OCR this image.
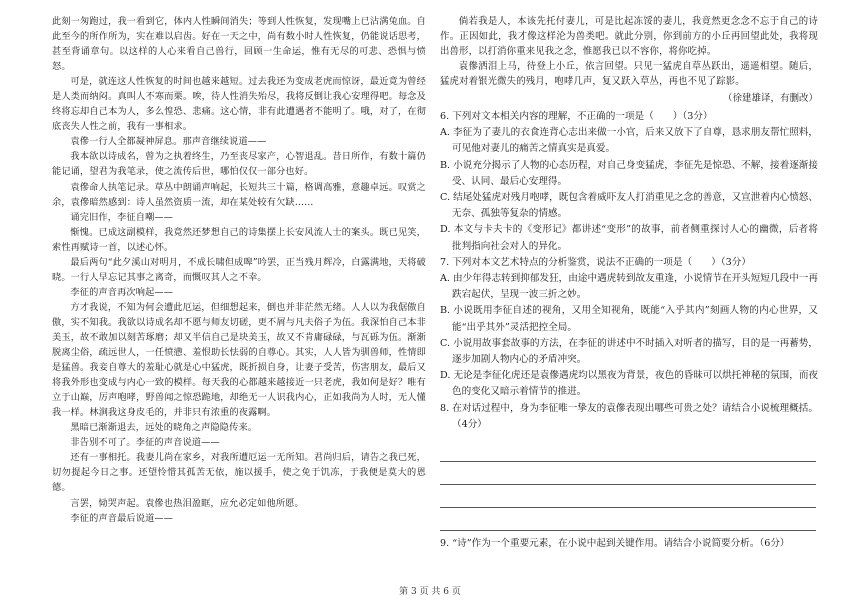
此刻一匆跑过，我一看到它，体内人性瞬间消失；等到人性恢复，发现嘴上已沾满兔血。自此至今的所作所为，实在难以启齿。好在一天之中，尚有数小时人性恢复，仍能说话思考，甚至背诵章句。以这样的人心来看自己兽行，回顾一生命运，惟有无尽的可悲、恐惧与愤怒。

可是，就连这人性恢复的时间也越来越短。过去我还为变成老虎而惊讶，最近竟为曾经是人类而纳闷。真叫人不寒而栗。唉，待人性消失殆尽，我将反倒让我心安理得吧。每念及终将忘却自己本为人，多么惶恐、悲痛。这心情，非有此遭遇者不能明了。哦，对了，在彻底丧失人性之前，我有一事相求。

袁傪一行人全都凝神屏息。那声音继续说道——

我本欲以诗成名，曾为之执着终生，乃至丧尽家产，心智退乱。昔日所作，有数十篇仍能记诵，望君为我笔录，使之流传后世，哪怕仅仅一部分也好。

袁傪命人执笔记录。草丛中朗诵声响起，长短共三十篇，格调高雅，意趣卓远。叹赏之余，袁傪暗然感到：诗人虽然资质一流，却在某处较有欠缺……

诵完旧作，李征自嘲——

惭愧。已成这副模样，我竟然还梦想自己的诗集摆上长安风流人士的案头。既已见笑，索性再赋诗一首，以述心怀。

最后两句“此夕溪山对明月，不成长啸但成嗥”吟罢，正当残月辉冷，白露满地，天将破晓。一行人早忘记其事之离奇，而慨叹其人之不幸。

李征的声音再次响起——

方才我说，不知为何会遭此厄运，但细想起来，倒也并非茫然无绪。人人以为我倨傲自傲，实不知我。我欲以诗成名却不愿与师友切磋，更不屑与凡夫俗子为伍。我深怕自己本非美玉，故不敢加以刻苦琢磨；却又半信自己是块美玉，故又不肯庸碌碌，与瓦砾为伍。渐渐脱离尘俗，疏远世人，一任愤懑、羞恨助长怯弱的自尊心。其实，人人皆为驯兽师，性情即是猛兽。我妾自尊大的羞耻心就是心中猛虎，既折损自身，让妻子受苦，伤害朋友，最后又将我外形也变成与内心一致的模样。每天我的心都越来越接近一只老虎，我如何是好？唯有立于山巅，厉声咆哮，野兽闻之惊恐跪地，却绝无一人识我内心，正如我尚为人时，无人懂我一样。林涧我这身皮毛的，并非只有浓重的夜露啊。

黑暗已渐渐退去，远处的晓角之声隐隐传来。

非告别不可了。李征的声音说道——

还有一事相托。我妻儿尚在家乡，对我所遭厄运一无所知。君尚归后，请告之我已死，切勿提起今日之事。还望怜惜其孤苦无依，施以援手，使之免于饥冻，于我便是莫大的恩德。

言罢，恸哭声起。袁傪也热泪盈眶，应允必定如他所愿。

李征的声音最后说道——

倘若我是人，本该先托付妻儿，可是比起冻馁的妻儿，我竟然更念念不忘于自己的诗作。正因如此，我才像这样沦为兽类吧。就此分别，你到前方的小丘再回望此处，我将现出兽形，以打消你重来见我之念，惟愿我已以不容你，将你吃掉。

袁傪洒泪上马，待登上小丘，依言回望。只见一猛虎自草丛跃出，遥遥相望。随后，猛虎对着银光微失的残月，咆哮几声，复又跃入草丛，再也不见了踪影。

（徐建雄译，有删改）

6. 下列对文本相关内容的理解，不正确的一项是（　　）（3分）

A. 李征为了妻儿的衣食连背心志出来做一小官，后来又放下了自尊，恳求朋友帮忙照料，可见他对妻儿的痛苦之情真实是真爱。

B. 小说充分揭示了人物的心态历程，对自己身变猛虎，李征先是惊恐、不解，接着逐渐接受、认同、最后心安理得。

C. 结尾处猛虎对残月咆哮，既包含着威吓友人打消重见之念的善意，又宣泄着内心愤怒、无奈、孤独等复杂的情感。

D. 本文与卡夫卡的《变形记》都讲述“变形”的故事，前者侧重探讨人心的幽微，后者将批判指向社会对人的异化。

7. 下列对本文艺术特点的分析鉴赏，说法不正确的一项是（　　）（3分）

A. 由少年得志转到抑郁发狂，由途中遇虎转到故友重逢，小说情节在开头短短几段中一再跌宕起伏，呈现一波三折之妙。

B. 小说既用李征自述的视角，又用全知视角，既能“入乎其内”刻画人物的内心世界，又能“出乎其外”灵活把控全局。

C. 小说用故事套故事的方法，在李征的讲述中不时插入对听者的描写，目的是一再蓄势，逐步加剧人物内心的矛盾冲突。

D. 无论是李征化虎还是袁傪遇虎均以黑夜为背景，夜色的昏昧可以烘托神秘的氛围，而夜色的变化又暗示着情节的推进。

8. 在对话过程中，身为李征唯一挚友的袁傪表现出哪些可贵之处？请结合小说梳理概括。（4分）

9. “诗”作为一个重要元素，在小说中起到关键作用。请结合小说简要分析。（6分）

第 3 页 共 6 页
